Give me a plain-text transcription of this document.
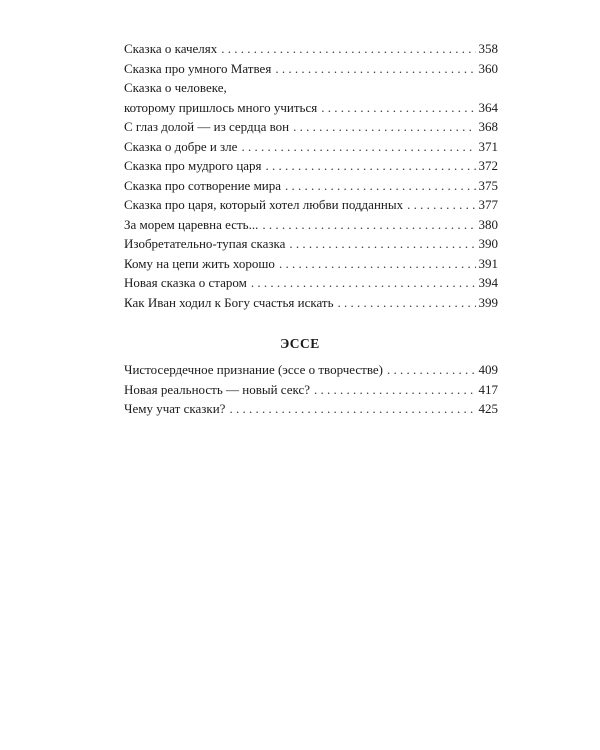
Сказка о качелях . . .	358
Сказка про умного Матвея . . .	360
Сказка о человеке,
которому пришлось много учиться . . .	364
С глаз долой — из сердца вон . . .	368
Сказка о добре и зле . . .	371
Сказка про мудрого царя . . .	372
Сказка про сотворение мира . . .	375
Сказка про царя, который хотел любви подданных . . .	377
За морем царевна есть... . . .	380
Изобретательно-тупая сказка . . .	390
Кому на цепи жить хорошо . . .	391
Новая сказка о старом . . .	394
Как Иван ходил к Богу счастья искать . . .	399
ЭССЕ
Чистосердечное признание (эссе о творчестве) . . .	409
Новая реальность — новый секс? . . .	417
Чему учат сказки? . . .	425
